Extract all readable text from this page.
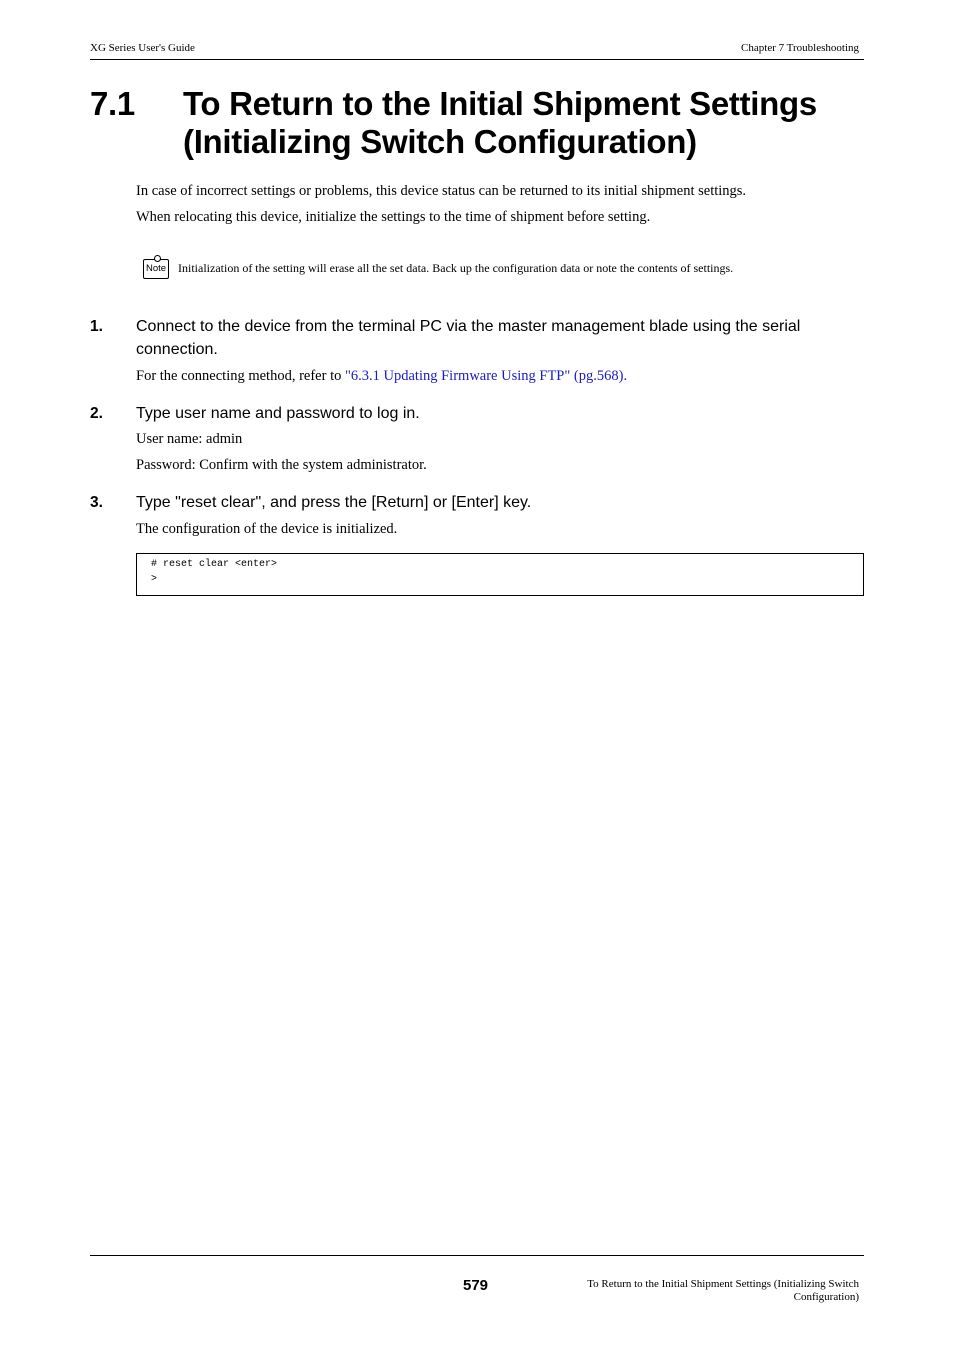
XG Series User's Guide	Chapter 7 Troubleshooting
7.1 To Return to the Initial Shipment Settings (Initializing Switch Configuration)
In case of incorrect settings or problems, this device status can be returned to its initial shipment settings.
When relocating this device, initialize the settings to the time of shipment before setting.
Note Initialization of the setting will erase all the set data. Back up the configuration data or note the contents of settings.
1. Connect to the device from the terminal PC via the master management blade using the serial connection.
For the connecting method, refer to "6.3.1 Updating Firmware Using FTP" (pg.568).
2. Type user name and password to log in.
User name: admin
Password: Confirm with the system administrator.
3. Type "reset clear", and press the [Return] or [Enter] key.
The configuration of the device is initialized.
# reset clear <enter>
>
579	To Return to the Initial Shipment Settings (Initializing Switch
Configuration)
